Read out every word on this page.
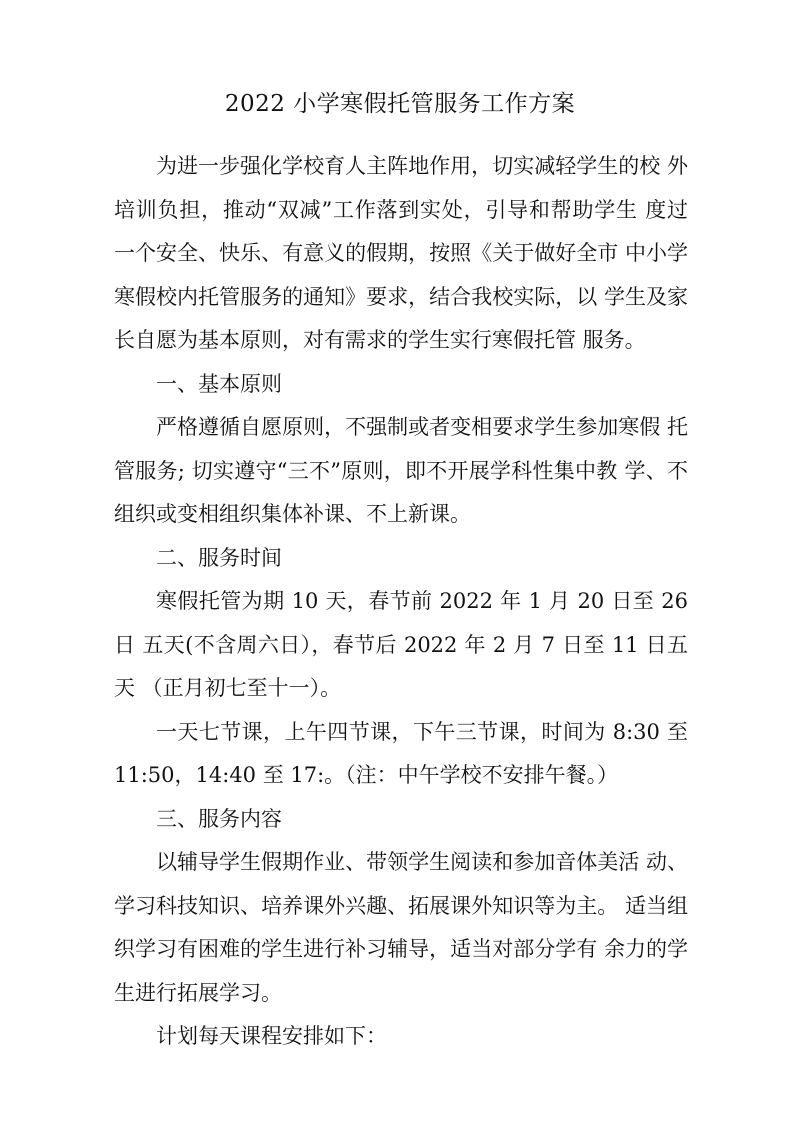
2022 小学寒假托管服务工作方案

为进一步强化学校育人主阵地作用，切实减轻学生的校 外培训负担，推动“双减”工作落到实处，引导和帮助学生 度过一个安全、快乐、有意义的假期，按照《关于做好全市 中小学寒假校内托管服务的通知》要求，结合我校实际，以 学生及家长自愿为基本原则，对有需求的学生实行寒假托管 服务。

一、基本原则

严格遵循自愿原则，不强制或者变相要求学生参加寒假 托管服务; 切实遵守“三不”原则，即不开展学科性集中教 学、不组织或变相组织集体补课、不上新课。

二、服务时间

寒假托管为期 10 天，春节前 2022 年 1 月 20 日至 26 日 五天(不含周六日），春节后 2022 年 2 月 7 日至 11 日五天 （正月初七至十一）。

一天七节课，上午四节课，下午三节课，时间为 8:30 至 11:50，14:40 至 17:。（注：中午学校不安排午餐。）

三、服务内容

以辅导学生假期作业、带领学生阅读和参加音体美活 动、学习科技知识、培养课外兴趣、拓展课外知识等为主。 适当组织学习有困难的学生进行补习辅导，适当对部分学有 余力的学生进行拓展学习。

计划每天课程安排如下：
